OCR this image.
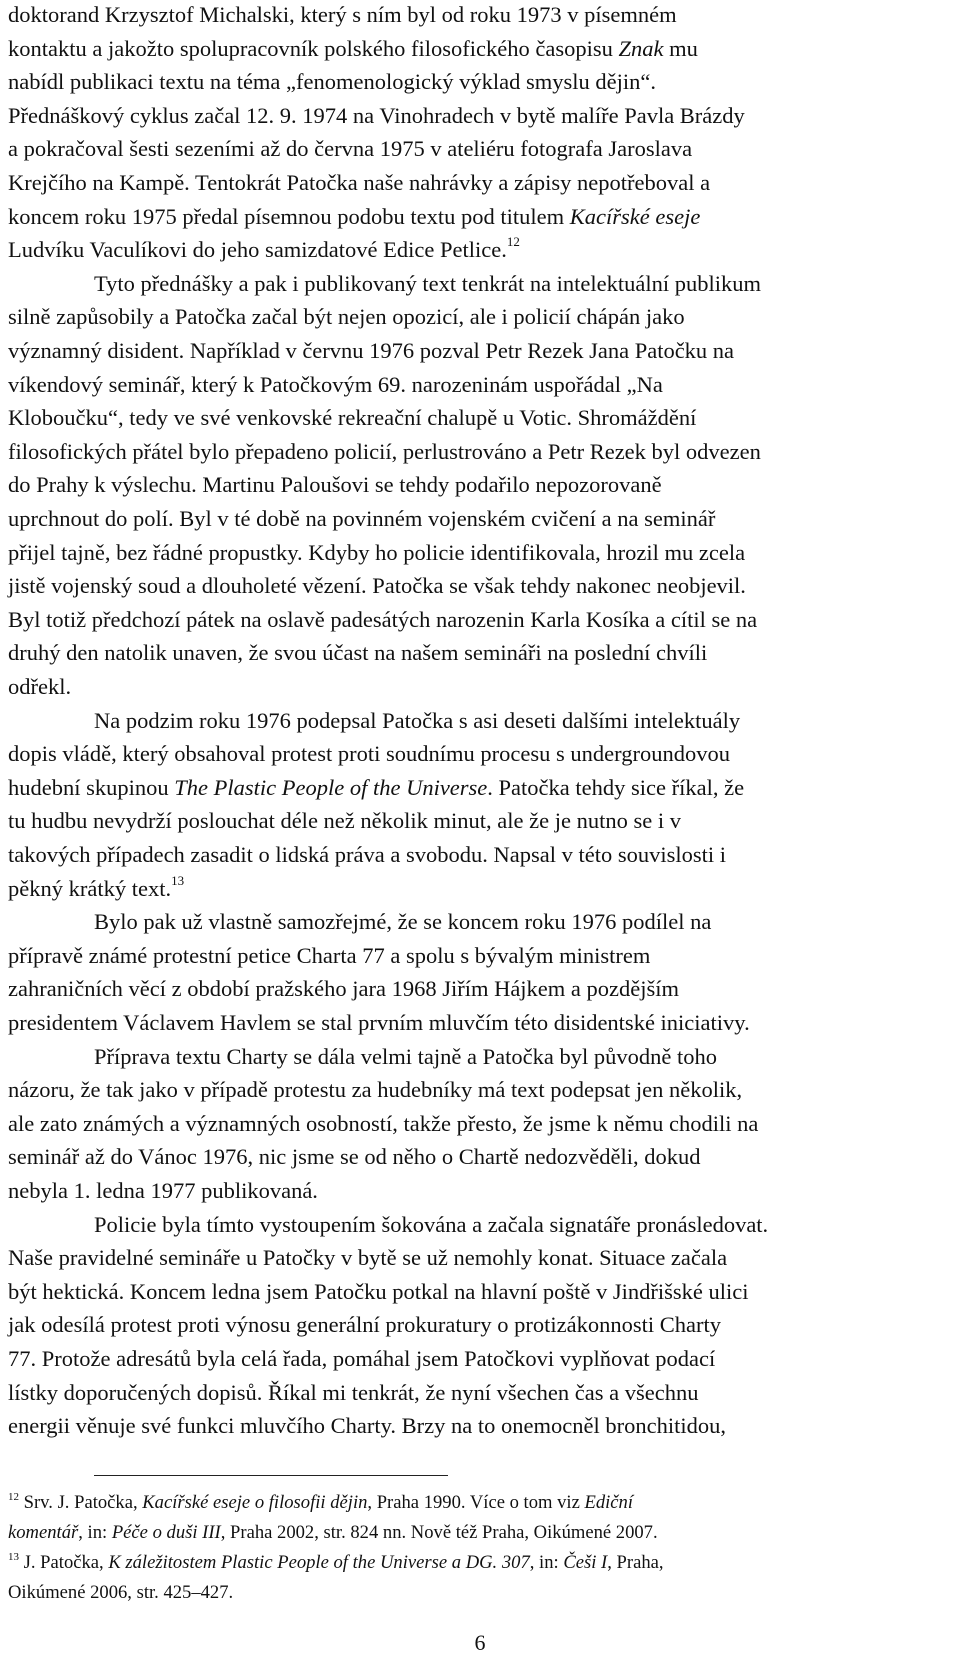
doktorand Krzysztof Michalski, který s ním byl od roku 1973 v písemném
kontaktu a jakožto spolupracovník polského filosofického časopisu Znak mu
nabídl publikaci textu na téma „fenomenologický výklad smyslu dějin“.
Přednáškový cyklus začal 12. 9. 1974 na Vinohradech v bytě malíře Pavla Brázdy
a pokračoval šesti sezeními až do června 1975 v ateliéru fotografa Jaroslava
Krejčího na Kampě. Tentokrát Patočka naše nahrávky a zápisy nepotřeboval a
koncem roku 1975 předal písemnou podobu textu pod titulem Kacířské eseje
Ludvíku Vaculíkovi do jeho samizdatové Edice Petlice.$^{12}$
Tyto přednášky a pak i publikovaný text tenkrát na intelektuální publikum
silně zapůsobily a Patočka začal být nejen opozicí, ale i policií chápán jako
významný disident. Například v červnu 1976 pozval Petr Rezek Jana Patočku na
víkendový seminář, který k Patočkovým 69. narozeninám uspořádal „Na
Kloboučku“, tedy ve své venkovské rekreační chalupě u Votic. Shromáždění
filosofických přátel bylo přepadeno policií, perlustrováno a Petr Rezek byl odvezen
do Prahy k výslechu. Martinu Paloušovi se tehdy podařilo nepozorovaně
uprchnout do polí. Byl v té době na povinném vojenském cvičení a na seminář
přijel tajně, bez řádné propustky. Kdyby ho policie identifikovala, hrozil mu zcela
jistě vojenský soud a dlouholeté vězení. Patočka se však tehdy nakonec neobjevil.
Byl totiž předchozí pátek na oslavě padesátých narozenin Karla Kosíka a cítil se na
druhý den natolik unaven, že svou účast na našem semináři na poslední chvíli
odřekl.
Na podzim roku 1976 podepsal Patočka s asi deseti dalšími intelektuály
dopis vládě, který obsahoval protest proti soudnímu procesu s undergroundovou
hudební skupinou The Plastic People of the Universe. Patočka tehdy sice říkal, že
tu hudbu nevydrží poslouchat déle než několik minut, ale že je nutno se i v
takových případech zasadit o lidská práva a svobodu. Napsal v této souvislosti i
pěkný krátký text.$^{13}$
Bylo pak už vlastně samozřejmé, že se koncem roku 1976 podílel na
přípravě známé protestní petice Charta 77 a spolu s bývalým ministrem
zahraničních věcí z období pražského jara 1968 Jiřím Hájkem a pozdějším
presidentem Václavem Havlem se stal prvním mluvčím této disidentské iniciativy.
Příprava textu Charty se dála velmi tajně a Patočka byl původně toho
názoru, že tak jako v případě protestu za hudebníky má text podepsat jen několik,
ale zato známých a významných osobností, takže přesto, že jsme k němu chodili na
seminář až do Vánoc 1976, nic jsme se od něho o Chartě nedozvěděli, dokud
nebyla 1. ledna 1977 publikovaná.
Policie byla tímto vystoupením šokována a začala signatáře pronásledovat.
Naše pravidelné semináře u Patočky v bytě se už nemohly konat. Situace začala
být hektická. Koncem ledna jsem Patočku potkal na hlavní poště v Jindřišské ulici
jak odesílá protest proti výnosu generální prokuratury o protizákonnosti Charty
77. Protože adresátů byla celá řada, pomáhal jsem Patočkovi vyplňovat podací
lístky doporučených dopisů. Říkal mi tenkrát, že nyní všechen čas a všechnu
energii věnuje své funkci mluvčího Charty. Brzy na to onemocněl bronchitidou,
$^{12}$ Srv. J. Patočka, Kacířské eseje o filosofii dějin, Praha 1990. Více o tom viz Ediční
komentář, in: Péče o duši III, Praha 2002, str. 824 nn. Nově též Praha, Oikúmené 2007.
$^{13}$ J. Patočka, K záležitostem Plastic People of the Universe a DG. 307, in: Češi I, Praha,
Oikúmené 2006, str. 425–427.
6
